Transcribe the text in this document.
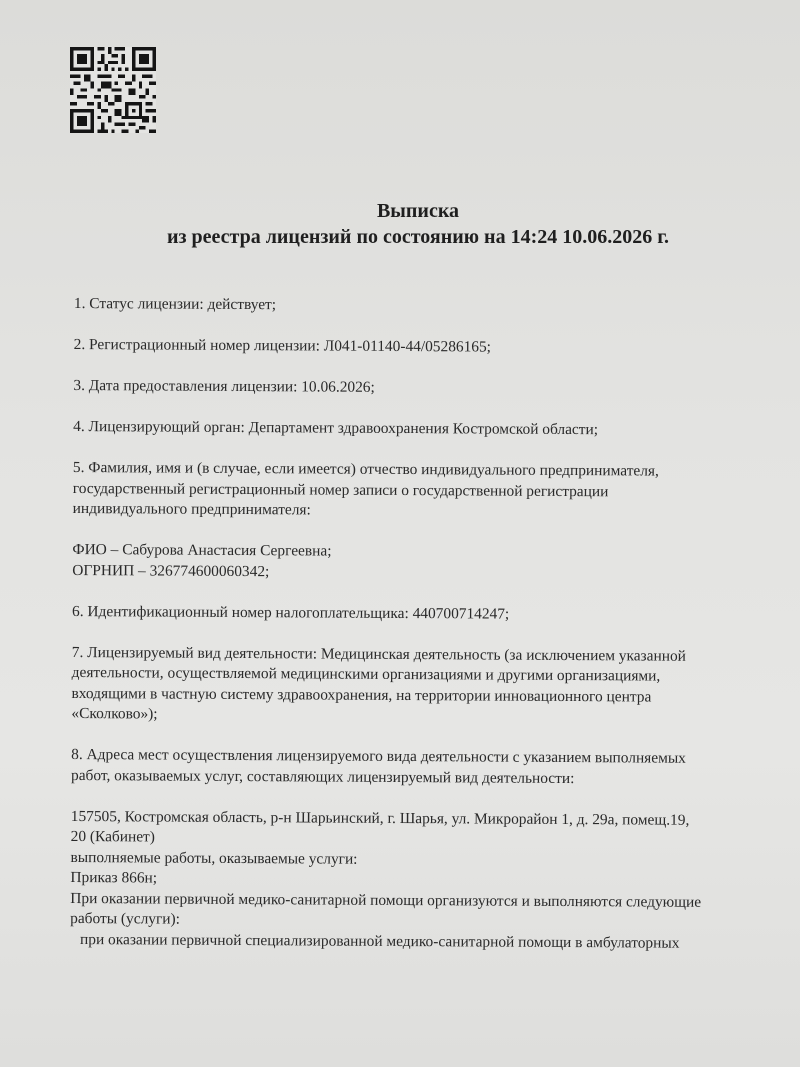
Выписка
из реестра лицензий по состоянию на 14:24 10.06.2026 г.

1. Статус лицензии: действует;

2. Регистрационный номер лицензии: Л041-01140-44/05286165;

3. Дата предоставления лицензии: 10.06.2026;

4. Лицензирующий орган: Департамент здравоохранения Костромской области;

5. Фамилия, имя и (в случае, если имеется) отчество индивидуального предпринимателя,

государственный регистрационный номер записи о государственной регистрации

индивидуального предпринимателя:

ФИО – Сабурова Анастасия Сергеевна;

ОГРНИП – 326774600060342;

6. Идентификационный номер налогоплательщика: 440700714247;

7. Лицензируемый вид деятельности: Медицинская деятельность (за исключением указанной

деятельности, осуществляемой медицинскими организациями и другими организациями,

входящими в частную систему здравоохранения, на территории инновационного центра

«Сколково»);

8. Адреса мест осуществления лицензируемого вида деятельности с указанием выполняемых

работ, оказываемых услуг, составляющих лицензируемый вид деятельности:

157505, Костромская область, р-н Шарьинский, г. Шарья, ул. Микрорайон 1, д. 29а, помещ.19,

20 (Кабинет)

выполняемые работы, оказываемые услуги:

Приказ 866н;

При оказании первичной медико-санитарной помощи организуются и выполняются следующие

работы (услуги):

при оказании первичной специализированной медико-санитарной помощи в амбулаторных
